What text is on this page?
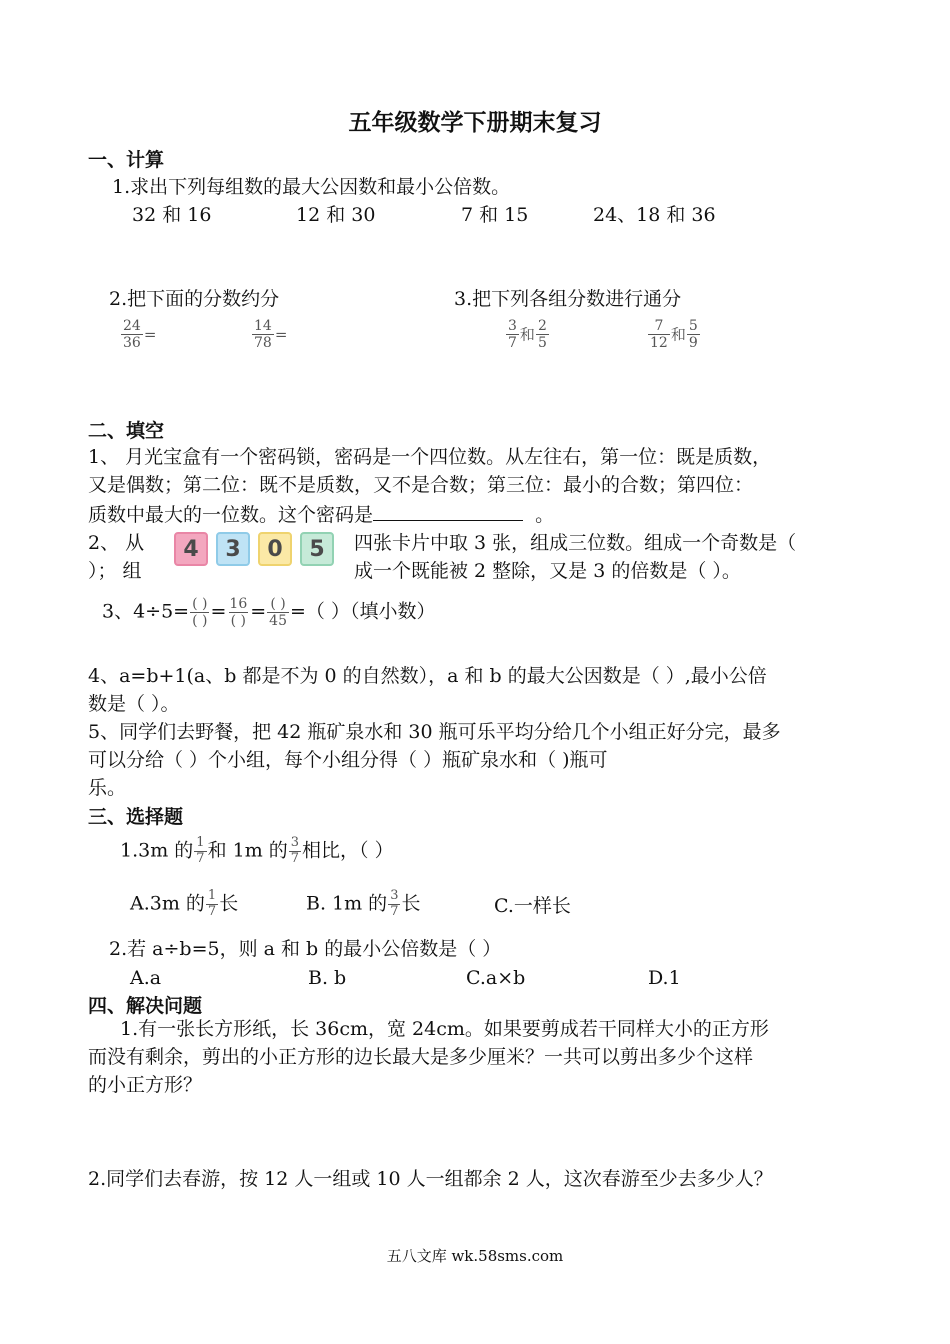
五年级数学下册期末复习
一、计算
1.求出下列每组数的最大公因数和最小公倍数。
32 和 16	12 和 30	7 和 15	24、18 和 36
2.把下面的分数约分	3.把下列各组分数进行通分
$\frac{24}{36}$ =	$\frac{14}{78}$ =	$\frac{3}{7}$ 和 $\frac{2}{5}$	$\frac{7}{12}$ 和 $\frac{5}{9}$
二、填空
1、 月光宝盒有一个密码锁，密码是一个四位数。从左往右，第一位：既是质数，
又是偶数；第二位：既不是质数，又不是合数；第三位：最小的合数；第四位：
质数中最大的一位数。这个密码是	。
2、 从
）； 组
4	3	0	5	四张卡片中取 3 张，组成三位数。组成一个奇数是（
成一个既能被 2 整除，又是 3 的倍数是（ ）。
3、$4\div 5= \frac{( )}{( )} = \frac{16}{( )} = \frac{( )}{45}$ =（ ）（填小数）
4、a=b+1(a、b 都是不为 0 的自然数），a 和 b 的最大公因数是（ ）,最小公倍
数是（ ）。
5、同学们去野餐，把 42 瓶矿泉水和 30 瓶可乐平均分给几个小组正好分完，最多
可以分给（ ）个小组，每个小组分得（ ）瓶矿泉水和（ )瓶可
乐。
三、选择题
1.3m 的 $\frac{1}{7}$ 和 1m 的 $\frac{3}{7}$ 相比，（ ）
A.3m 的 $\frac{1}{7}$ 长	B. 1m 的 $\frac{3}{7}$ 长	C.一样长
2.若 a÷b=5，则 a 和 b 的最小公倍数是（ ）
A.a	B. b	C.a×b	D.1
四、解决问题
1.有一张长方形纸，长 36cm，宽 24cm。如果要剪成若干同样大小的正方形
而没有剩余，剪出的小正方形的边长最大是多少厘米？一共可以剪出多少个这样
的小正方形？
2.同学们去春游，按 12 人一组或 10 人一组都余 2 人，这次春游至少去多少人？
五八文库 wk.58sms.com
